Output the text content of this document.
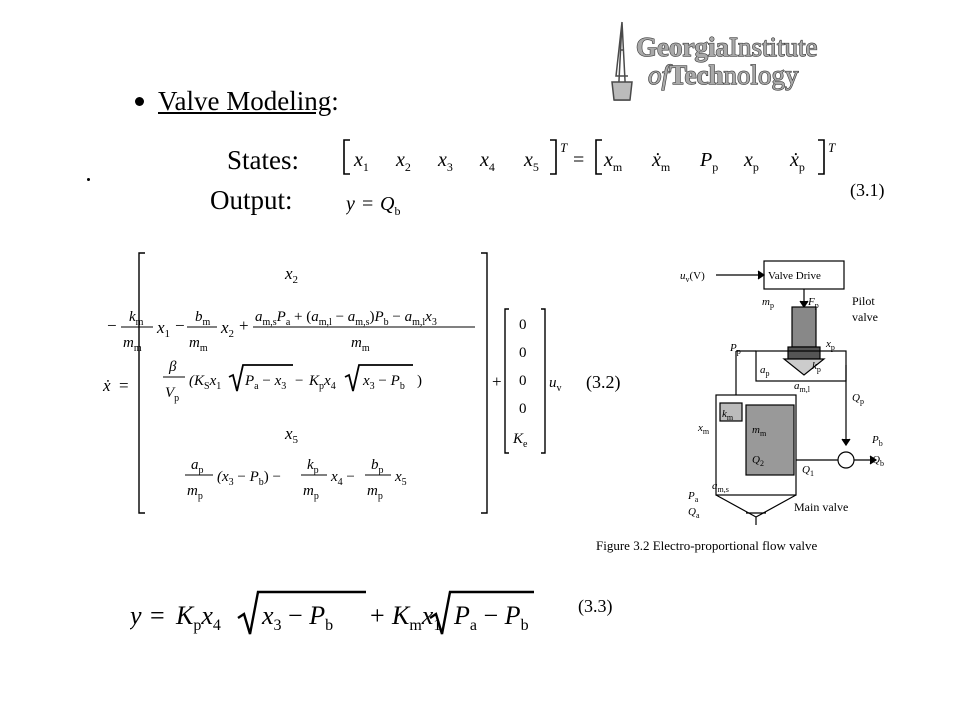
GeorgiaInstitute
ofTechnology
Valve Modeling:
States:
Output:
$x_1$ $x_2$ $x_3$ $x_4$ $x_5$
T
= $x_m$ ẋ$_m$ $P_p$ $x_p$ ẋ$_p$
T
$y = Q_b$
(3.1)
ẋ =
$x_2$
− $k_m$
$m_m$
$x_1 - b_m$
$m_m$
$x_2 + a_{m,s}P_a + (a_{m,l} - a_{m,s})P_b - a_{m,l}x_3$
$m_m$
β
$V_p$
($K_Sx_1$ $P_a - x_3 - K_px_4$ $x_3 - P_b$ )
$x_5$
$a_p$
$m_p$
$(x_3 - P_b)$ −
$k_p$
$m_p$
$x_4$ −
$b_p$
$m_p$
$x_5$
+
0
0
0
0
$K_e$
$u_v$ (3.2)
Valve Drive
$u_v(V)$
$m_p$	$F_p$	Pilot
valve
$P_p$
$x_p$
$k_p$
$a_p$
$Q_p$
$a_{m,l}$
$k_m$
$x_m$	$m_m$
$Q_2$
$Q_1$
$P_b$
$Q_b$
$a_{m,s}$
$P_a$
$Q_a$
Main valve
Figure 3.2 Electro-proportional flow valve
$y = K_px_4$ $x_3 - P_b + K_mx_1$ $P_a - P_b$
(3.3)
